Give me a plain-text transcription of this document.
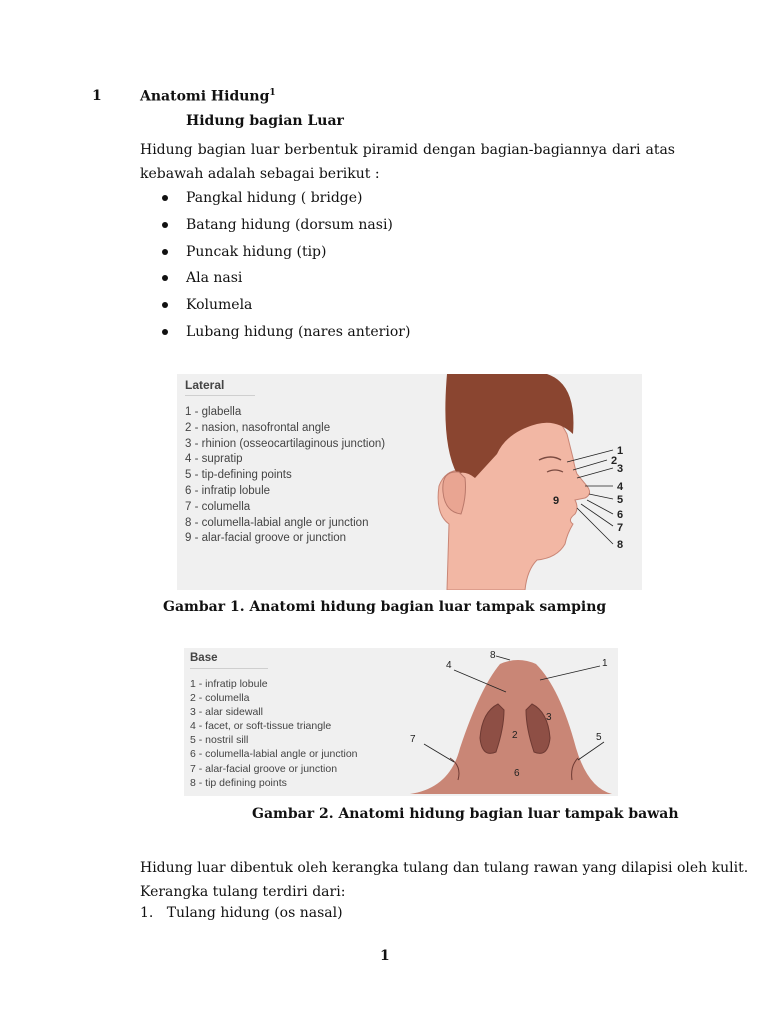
1	Anatomi Hidung$^1$
Hidung bagian Luar
Hidung bagian luar berbentuk piramid dengan bagian-bagiannya dari atas kebawah adalah sebagai berikut :
Pangkal hidung ( bridge)
Batang hidung (dorsum nasi)
Puncak hidung (tip)
Ala nasi
Kolumela
Lubang hidung (nares anterior)
Lateral
1 - glabella
2 - nasion, nasofrontal angle
3 - rhinion (osseocartilaginous junction)
4 - supratip
5 - tip-defining points
6 - infratip lobule
7 - columella
8 - columella-labial angle or junction
9 - alar-facial groove or junction
1
2
3
4
5
6
7
8
9
Gambar 1. Anatomi hidung bagian luar tampak samping
Base
1 - infratip lobule
2 - columella
3 - alar sidewall
4 - facet, or soft-tissue triangle
5 - nostril sill
6 - columella-labial angle or junction
7 - alar-facial groove or junction
8 - tip defining points
1
2
3
4
5
6
7
8
Gambar 2. Anatomi hidung bagian luar tampak bawah
Hidung luar dibentuk oleh kerangka tulang dan tulang rawan yang dilapisi oleh kulit.
Kerangka tulang terdiri dari:
1.   Tulang hidung (os nasal)
1
